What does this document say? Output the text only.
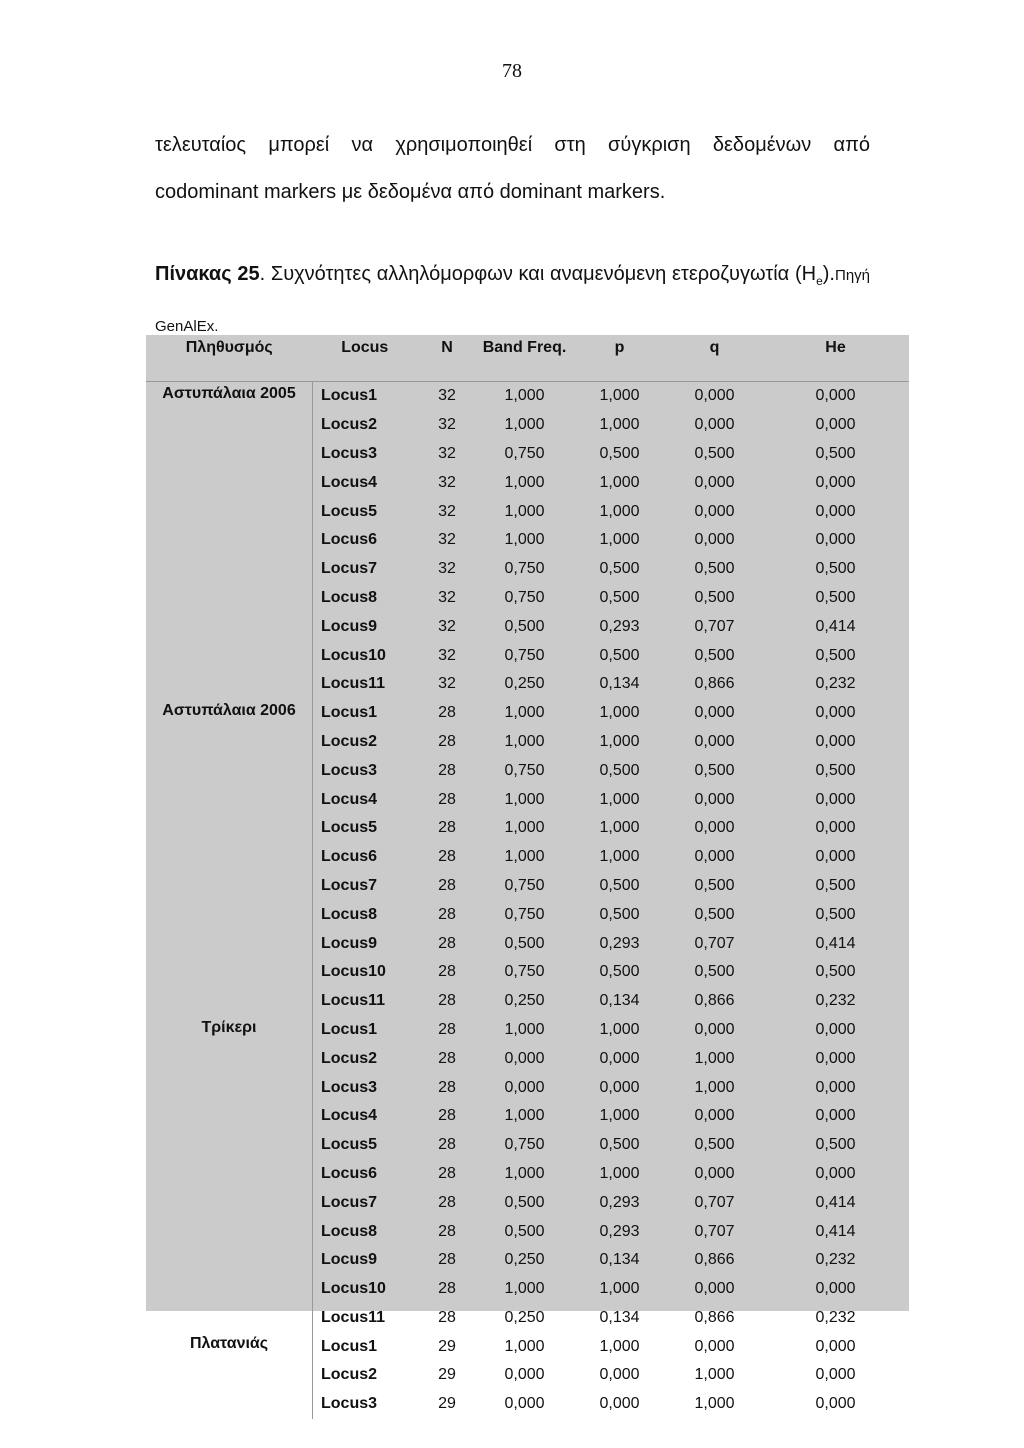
78
τελευταίος μπορεί να χρησιμοποιηθεί στη σύγκριση δεδομένων από
codominant markers με δεδομένα από dominant markers.
Πίνακας 25. Συχνότητες αλληλόμορφων και αναμενόμενη ετεροζυγωτία $(H_e).\Pi\eta\gamma ή$ GenAlEx.
Πληθυσμός	Locus	N	Band Freq.	p	q	He
Αστυπάλαια 2005	Locus1	32	1,000	1,000	0,000	0,000
	Locus2	32	1,000	1,000	0,000	0,000
	Locus3	32	0,750	0,500	0,500	0,500
	Locus4	32	1,000	1,000	0,000	0,000
	Locus5	32	1,000	1,000	0,000	0,000
	Locus6	32	1,000	1,000	0,000	0,000
	Locus7	32	0,750	0,500	0,500	0,500
	Locus8	32	0,750	0,500	0,500	0,500
	Locus9	32	0,500	0,293	0,707	0,414
	Locus10	32	0,750	0,500	0,500	0,500
	Locus11	32	0,250	0,134	0,866	0,232
Αστυπάλαια 2006	Locus1	28	1,000	1,000	0,000	0,000
	Locus2	28	1,000	1,000	0,000	0,000
	Locus3	28	0,750	0,500	0,500	0,500
	Locus4	28	1,000	1,000	0,000	0,000
	Locus5	28	1,000	1,000	0,000	0,000
	Locus6	28	1,000	1,000	0,000	0,000
	Locus7	28	0,750	0,500	0,500	0,500
	Locus8	28	0,750	0,500	0,500	0,500
	Locus9	28	0,500	0,293	0,707	0,414
	Locus10	28	0,750	0,500	0,500	0,500
	Locus11	28	0,250	0,134	0,866	0,232
Τρίκερι	Locus1	28	1,000	1,000	0,000	0,000
	Locus2	28	0,000	0,000	1,000	0,000
	Locus3	28	0,000	0,000	1,000	0,000
	Locus4	28	1,000	1,000	0,000	0,000
	Locus5	28	0,750	0,500	0,500	0,500
	Locus6	28	1,000	1,000	0,000	0,000
	Locus7	28	0,500	0,293	0,707	0,414
	Locus8	28	0,500	0,293	0,707	0,414
	Locus9	28	0,250	0,134	0,866	0,232
	Locus10	28	1,000	1,000	0,000	0,000
	Locus11	28	0,250	0,134	0,866	0,232
Πλατανιάς	Locus1	29	1,000	1,000	0,000	0,000
	Locus2	29	0,000	0,000	1,000	0,000
	Locus3	29	0,000	0,000	1,000	0,000
